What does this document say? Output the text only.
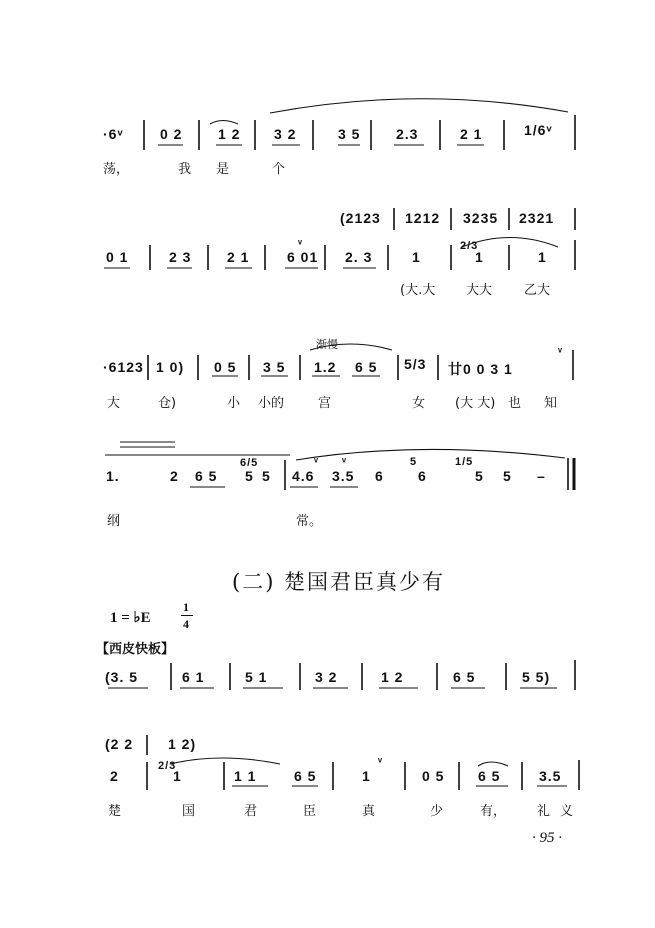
·6ᵛ	0 2	1 2 3 2	3 5	2.3	2 1	1/6ᵛ
荡，	我 是	个
(2123 1212 3235 2321
0 1	2 3	2 1	6 01
ᵛ
2. 3	1
2/3
1	1
(大.大 大大 乙大
渐慢
·6123 1 0) 0 5 3 5 1.2 6 5 5/3 廿0 0 3 1
ᵛ
大	仓)	小 小的	宫	女 (大 大) 也 知
1.	2 6 5
6/5
5 5 4.6
ᵛ ᵛ
3.5 6
5
6
1/5
5 5 –
纲	常。
(二) 楚国君臣真少有
1 = ♭E
1
4
【西皮快板】
(3. 5	6 1	5 1	3 2	1 2	6 5	5 5)
(2 2 1 2)
2
2/3
1	1 1	6 5	1
ᵛ
0 5 6 5	3.5
楚	国	君	臣	真	少	有， 礼 义
· 95 ·
